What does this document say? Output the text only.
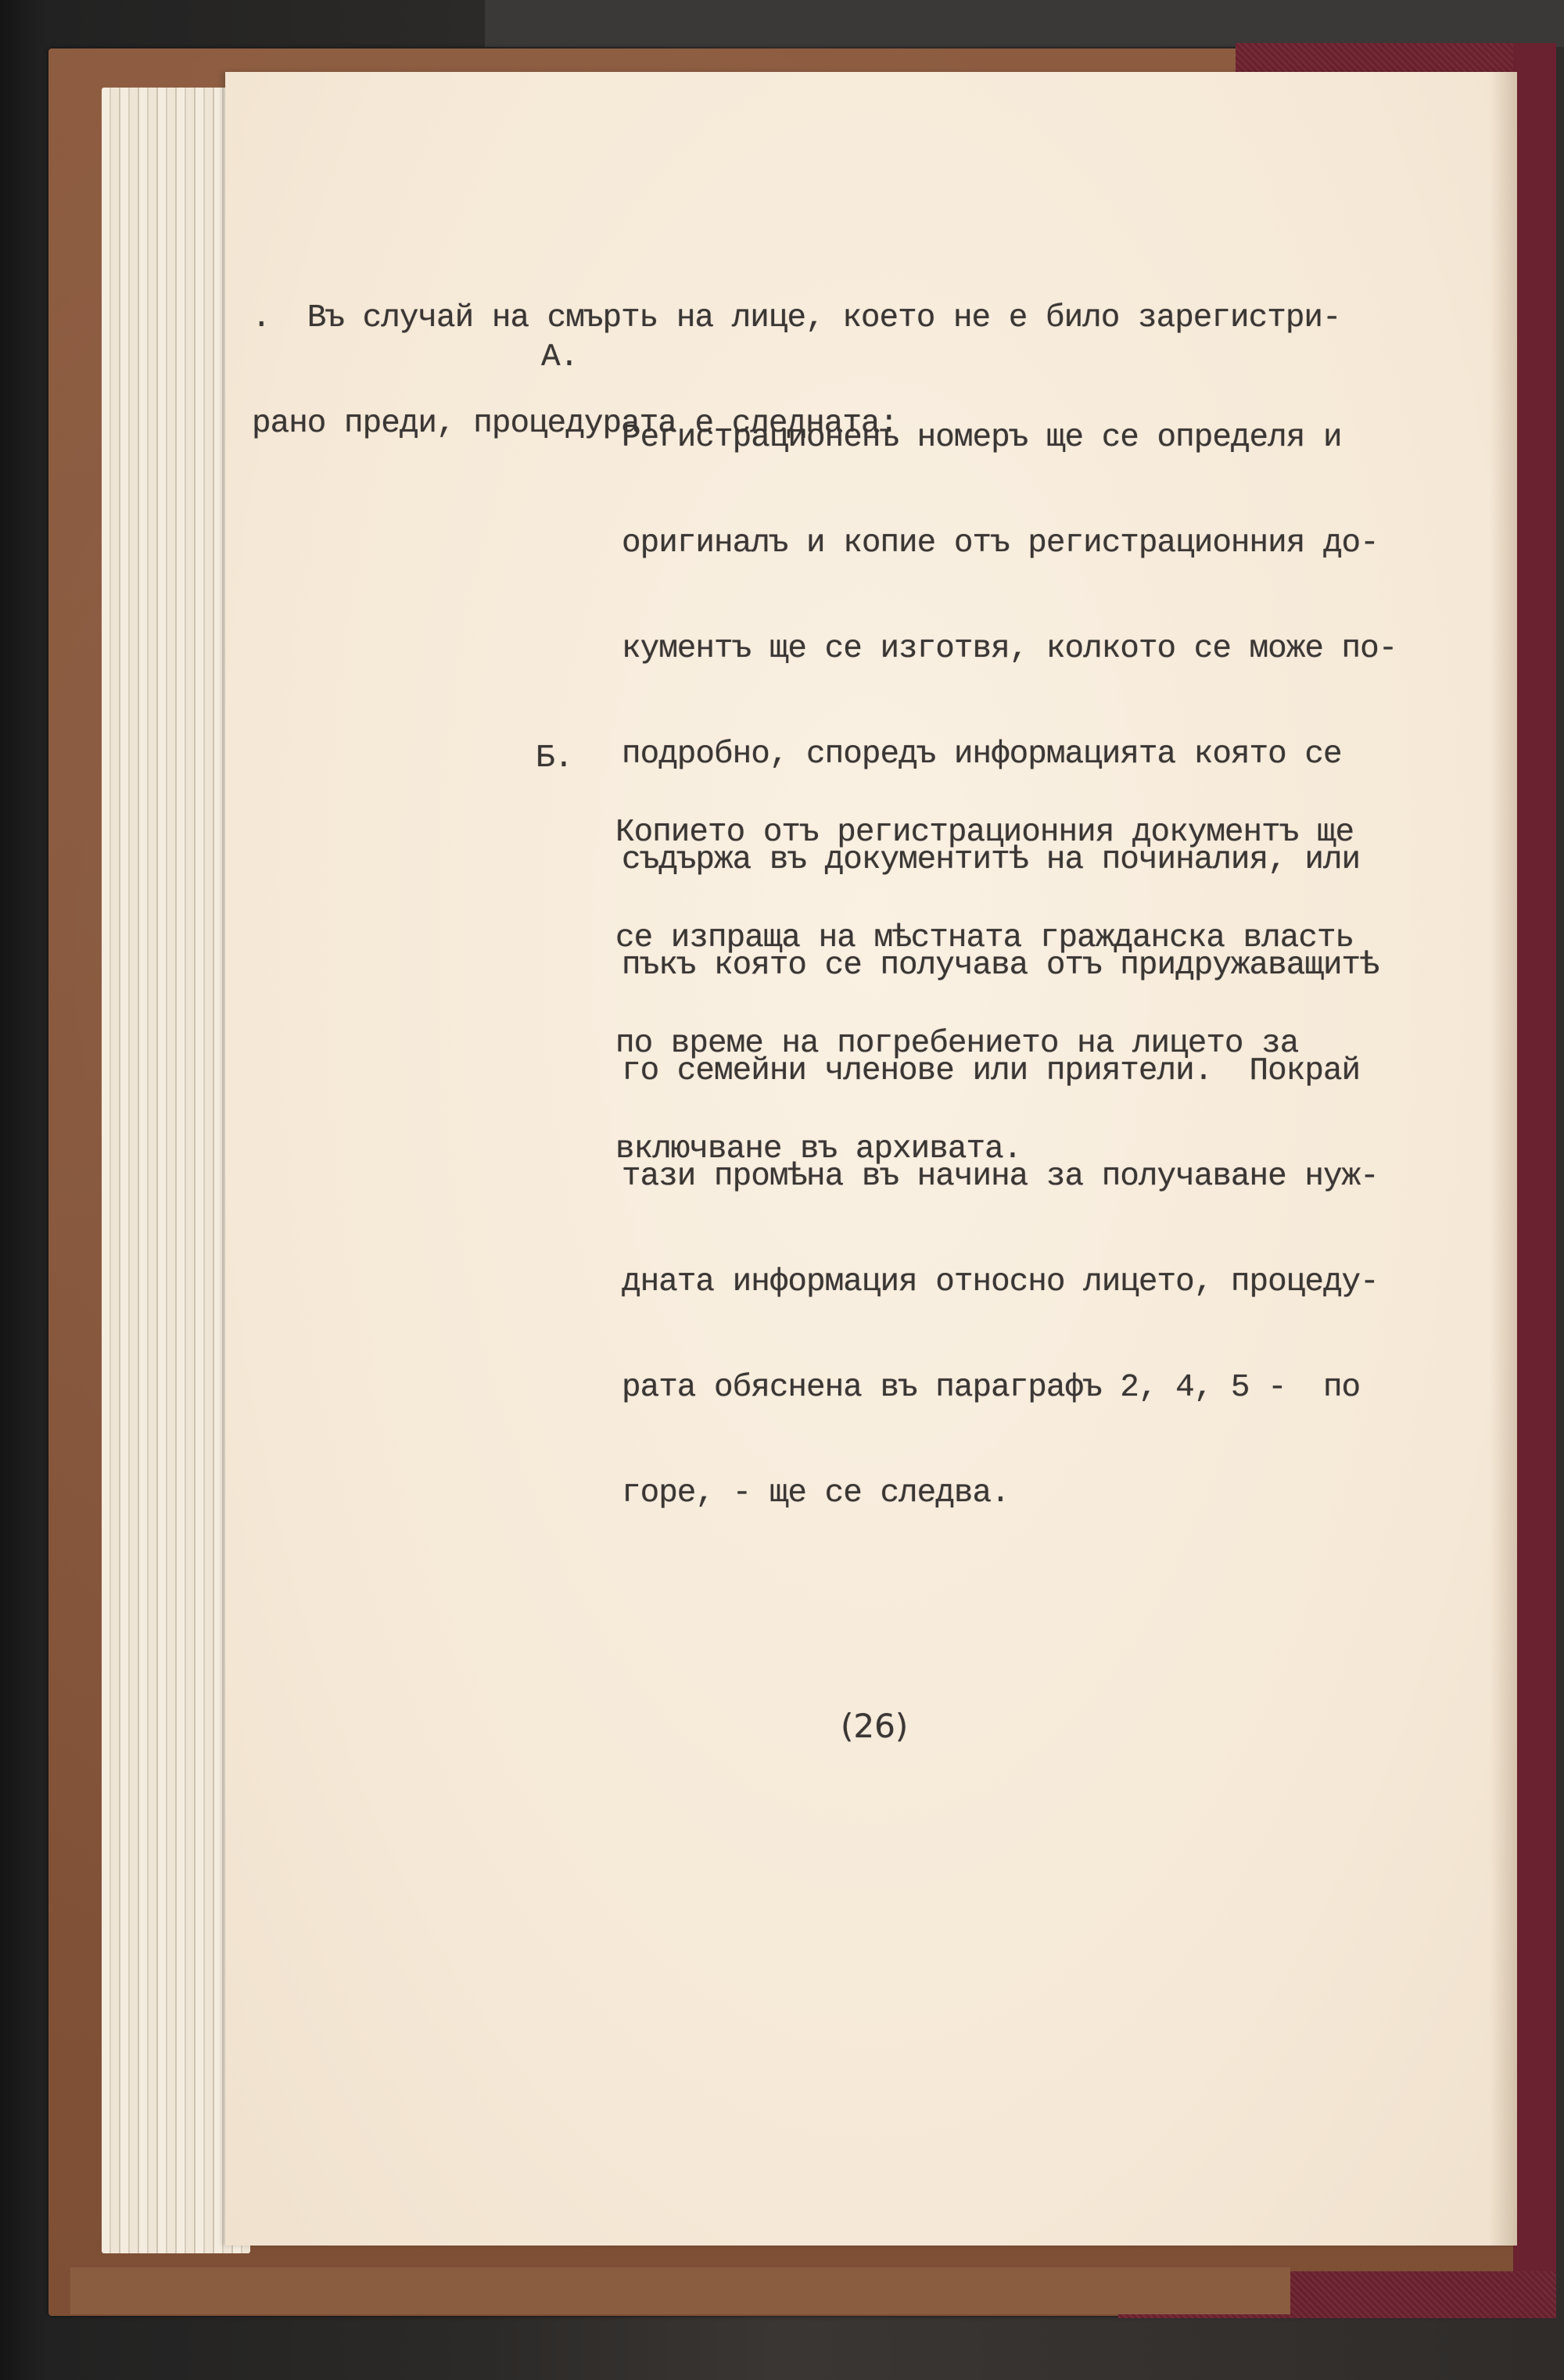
.  Въ случай на смърть на лице, което не е било зарегистри-

рано преди, процедурата е следната:

А.

Регистрационенъ номеръ ще се определя и

оригиналъ и копие отъ регистрационния до-

кументъ ще се изготвя, колкото се може по-

подробно, споредъ информацията която се

съдържа въ документитѣ на починалия, или

пъкъ която се получава отъ придружаващитѣ

го семейни членове или приятели.  Покрай

тази промѣна въ начина за получаване нуж-

дната информация относно лицето, процеду-

рата обяснена въ параграфъ 2, 4, 5 -  по

горе, - ще се следва.

Б.

Копието отъ регистрационния документъ ще

се изпраща на мѣстната гражданска власть

по време на погребението на лицето за

включване въ архивата.

(26)
